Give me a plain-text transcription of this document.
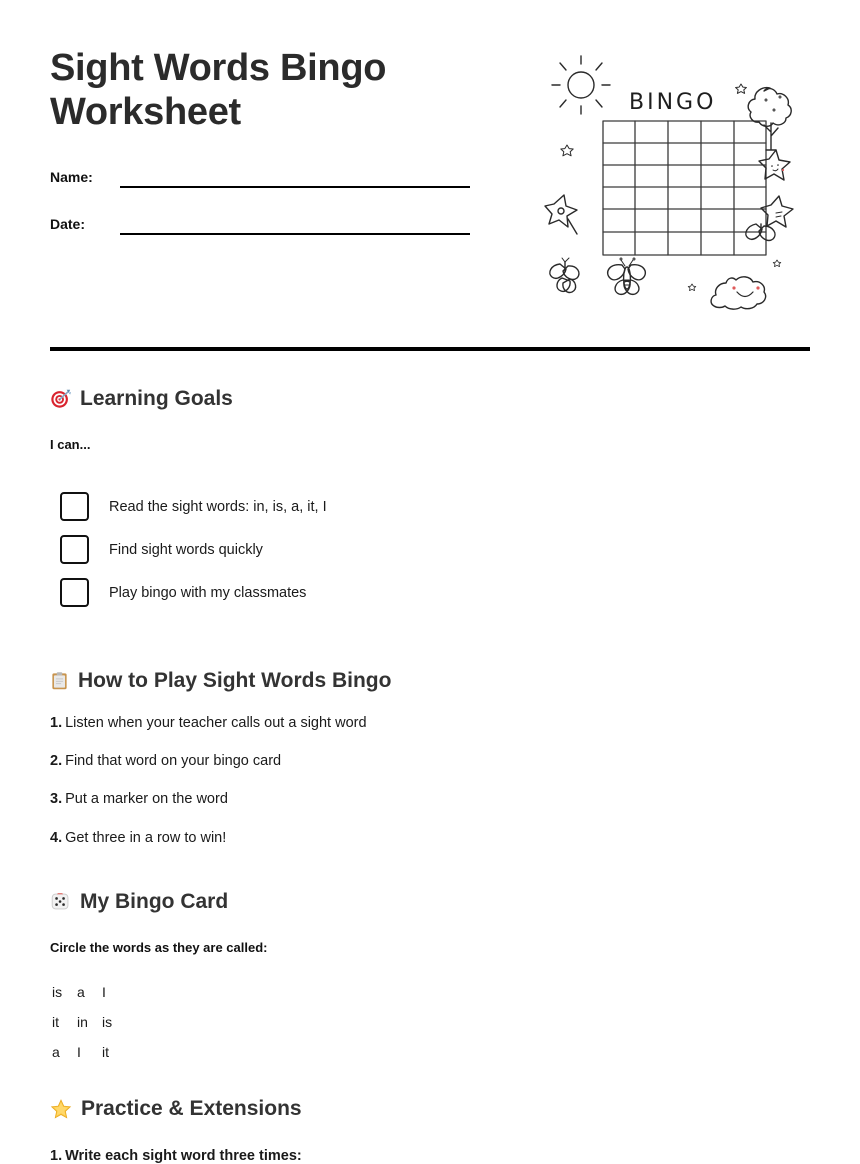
Sight Words Bingo Worksheet
Name:
Date:
BINGO
Learning Goals
I can...
Read the sight words: in, is, a, it, I
Find sight words quickly
Play bingo with my classmates
How to Play Sight Words Bingo
1. Listen when your teacher calls out a sight word
2. Find that word on your bingo card
3. Put a marker on the word
4. Get three in a row to win!
My Bingo Card
Circle the words as they are called:
is	a	I
it	in	is
a	I	it
Practice & Extensions
1. Write each sight word three times:
